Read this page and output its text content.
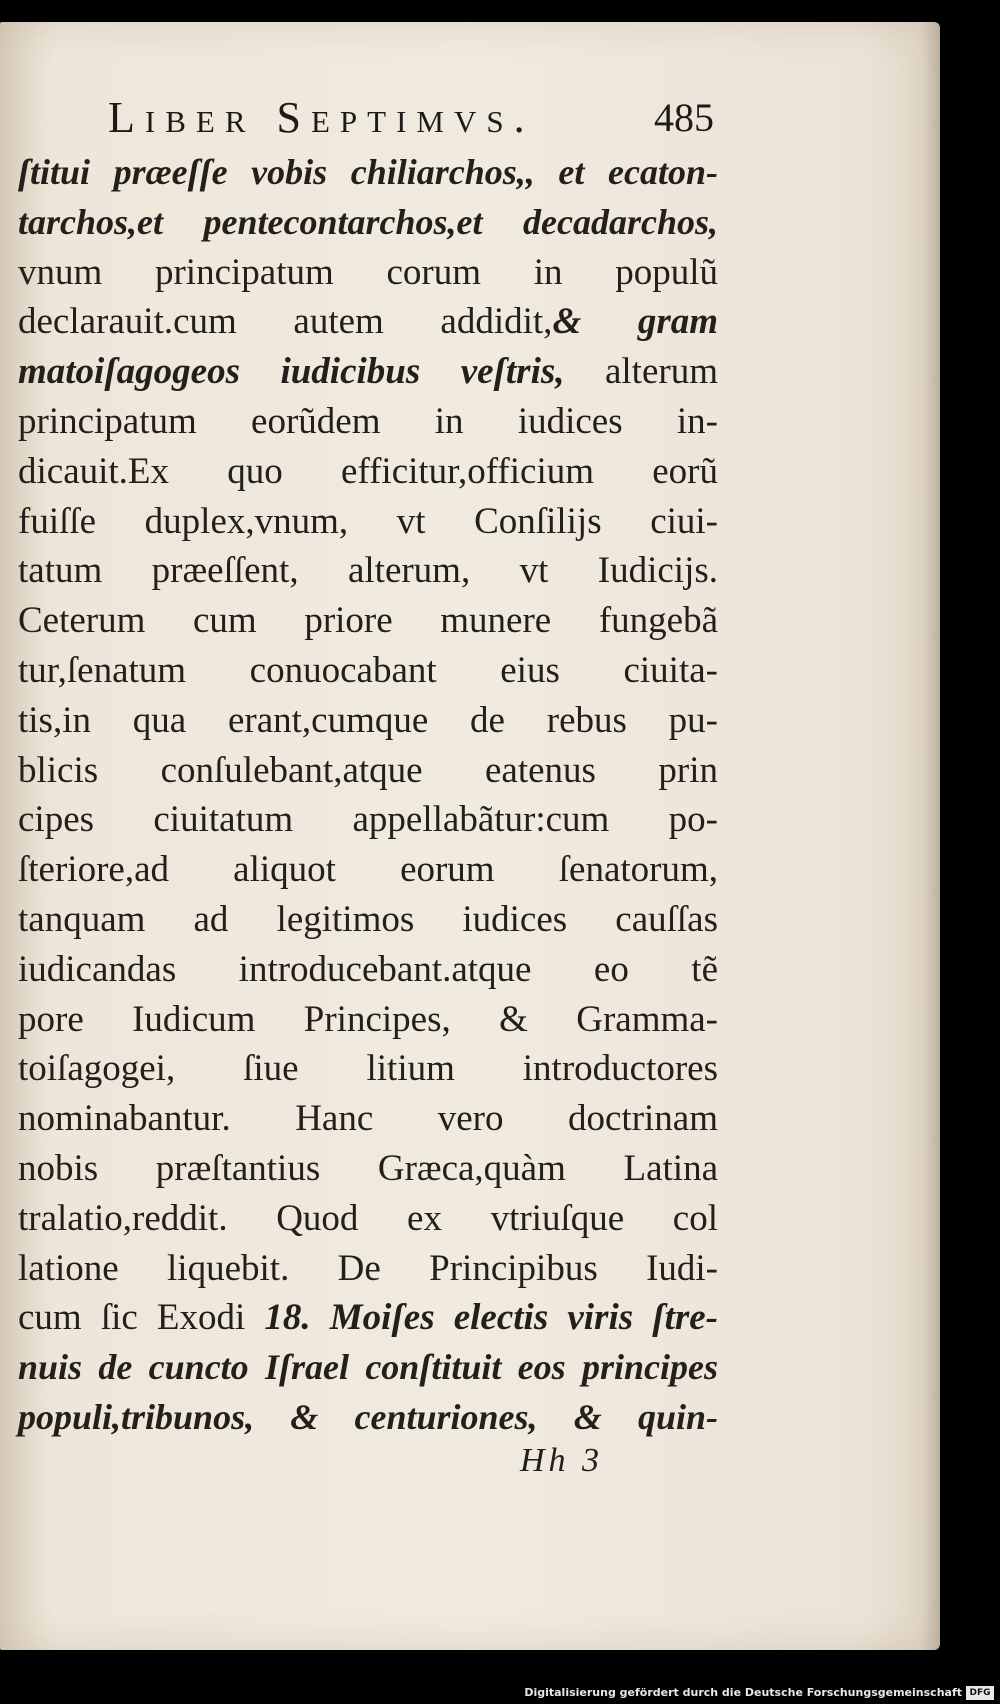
Liber Septimvs.	485
ſtitui præeſſe vobis chiliarchos,, et ecaton-
tarchos,et pentecontarchos,et decadarchos,
vnum principatum corum in populũ
declarauit.cum autem addidit,& gram
matoiſagogeos iudicibus veſtris, alterum
principatum eorũdem in iudices in-
dicauit.Ex quo efficitur,officium eorũ
fuiſſe duplex,vnum, vt Conſilijs ciui-
tatum præeſſent, alterum, vt Iudicijs.
Ceterum cum priore munere fungebã
tur,ſenatum conuocabant eius ciuita-
tis,in qua erant,cumque de rebus pu-
blicis conſulebant,atque eatenus prin
cipes ciuitatum appellabãtur:cum po-
ſteriore,ad aliquot eorum ſenatorum,
tanquam ad legitimos iudices cauſſas
iudicandas introducebant.atque eo tẽ
pore Iudicum Principes, & Gramma-
toiſagogei, ſiue litium introductores
nominabantur. Hanc vero doctrinam
nobis præſtantius Græca,quàm Latina
tralatio,reddit. Quod ex vtriuſque col
latione liquebit. De Principibus Iudi-
cum ſic Exodi 18. Moiſes electis viris ſtre-
nuis de cuncto Iſrael conſtituit eos principes
populi,tribunos, & centuriones, & quin-
Hh 3
Digitalisierung gefördert durch die Deutsche Forschungsgemeinschaft DFG
